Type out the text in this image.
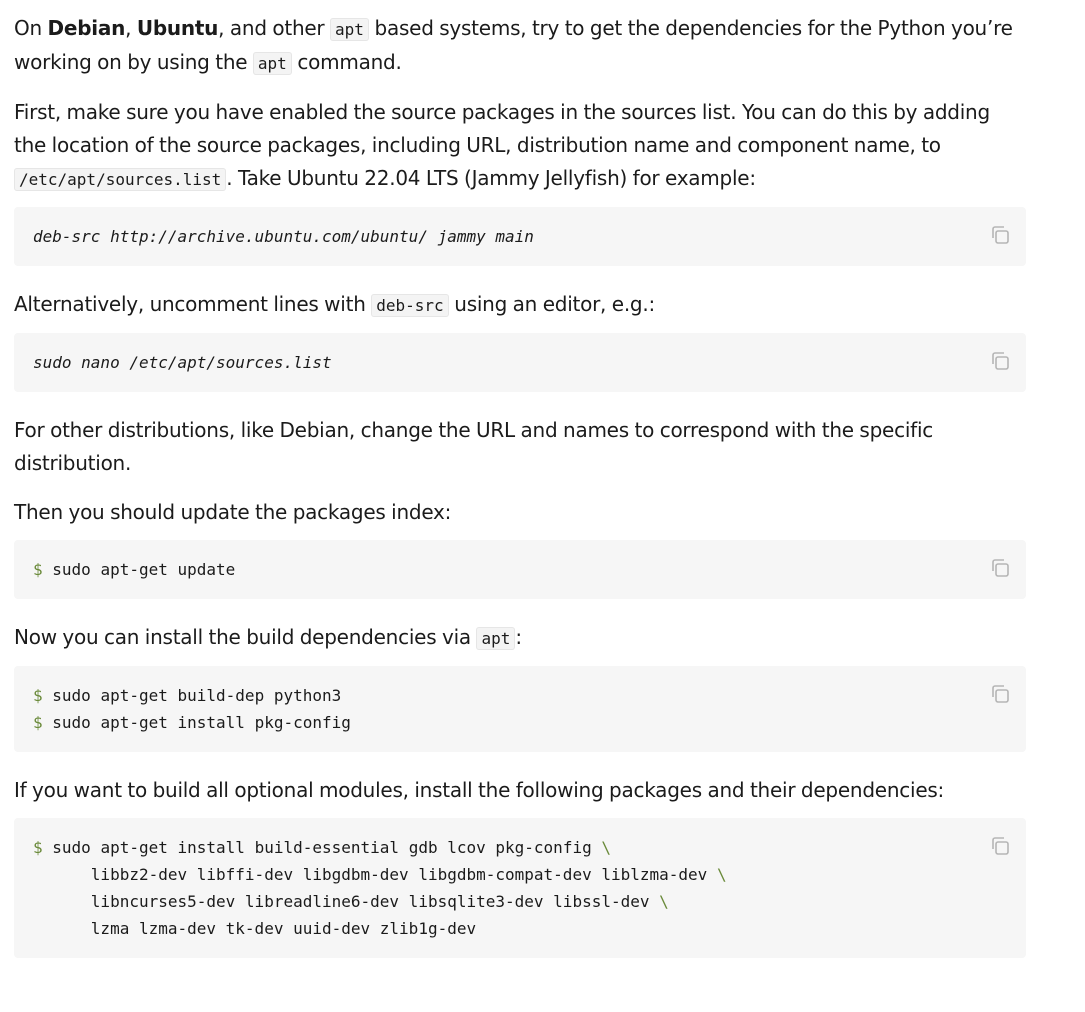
On Debian, Ubuntu, and other apt based systems, try to get the dependencies for the Python you’re working on by using the apt command.

First, make sure you have enabled the source packages in the sources list. You can do this by adding the location of the source packages, including URL, distribution name and component name, to /etc/apt/sources.list . Take Ubuntu 22.04 LTS (Jammy Jellyfish) for example:

deb-src http://archive.ubuntu.com/ubuntu/ jammy main

Alternatively, uncomment lines with deb-src using an editor, e.g.:

sudo nano /etc/apt/sources.list

For other distributions, like Debian, change the URL and names to correspond with the specific distribution.

Then you should update the packages index:

$ sudo apt-get update

Now you can install the build dependencies via apt :

$ sudo apt-get build-dep python3
$ sudo apt-get install pkg-config

If you want to build all optional modules, install the following packages and their dependencies:

$ sudo apt-get install build-essential gdb lcov pkg-config \
libbz2-dev libffi-dev libgdbm-dev libgdbm-compat-dev liblzma-dev \
libncurses5-dev libreadline6-dev libsqlite3-dev libssl-dev \
lzma lzma-dev tk-dev uuid-dev zlib1g-dev
